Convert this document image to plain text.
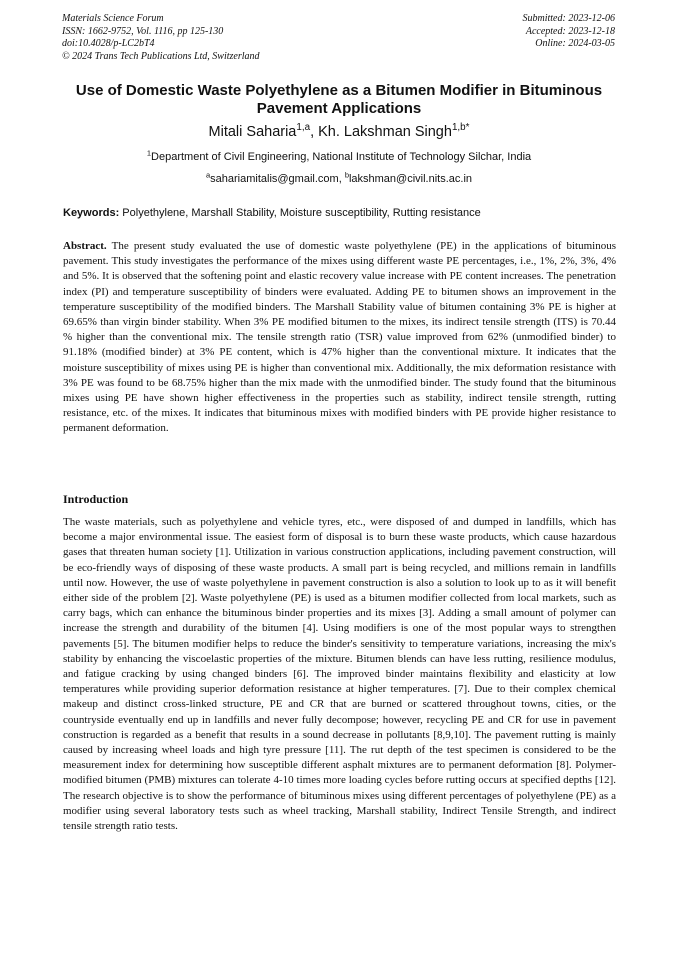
Materials Science Forum
ISSN: 1662-9752, Vol. 1116, pp 125-130
doi:10.4028/p-LC2bT4
© 2024 Trans Tech Publications Ltd, Switzerland
Submitted: 2023-12-06
Accepted: 2023-12-18
Online: 2024-03-05
Use of Domestic Waste Polyethylene as a Bitumen Modifier in Bituminous Pavement Applications
Mitali Saharia$^{1,a}$, Kh. Lakshman Singh$^{1,b*}$
$^1$Department of Civil Engineering, National Institute of Technology Silchar, India
$^a$sahariamitalis@gmail.com, $^b$lakshman@civil.nits.ac.in
Keywords: Polyethylene, Marshall Stability, Moisture susceptibility, Rutting resistance
Abstract. The present study evaluated the use of domestic waste polyethylene (PE) in the applications of bituminous pavement. This study investigates the performance of the mixes using different waste PE percentages, i.e., 1%, 2%, 3%, 4% and 5%. It is observed that the softening point and elastic recovery value increase with PE content increases. The penetration index (PI) and temperature susceptibility of binders were evaluated. Adding PE to bitumen shows an improvement in the temperature susceptibility of the modified binders. The Marshall Stability value of bitumen containing 3% PE is higher at 69.65% than virgin binder stability. When 3% PE modified bitumen to the mixes, its indirect tensile strength (ITS) is 70.44 % higher than the conventional mix. The tensile strength ratio (TSR) value improved from 62% (unmodified binder) to 91.18% (modified binder) at 3% PE content, which is 47% higher than the conventional mixture. It indicates that the moisture susceptibility of mixes using PE is higher than conventional mix. Additionally, the mix deformation resistance with 3% PE was found to be 68.75% higher than the mix made with the unmodified binder. The study found that the bituminous mixes using PE have shown higher effectiveness in the properties such as stability, indirect tensile strength, rutting resistance, etc. of the mixes. It indicates that bituminous mixes with modified binders with PE provide higher resistance to permanent deformation.
Introduction
The waste materials, such as polyethylene and vehicle tyres, etc., were disposed of and dumped in landfills, which has become a major environmental issue. The easiest form of disposal is to burn these waste products, which cause hazardous gases that threaten human society [1]. Utilization in various construction applications, including pavement construction, will be eco-friendly ways of disposing of these waste products. A small part is being recycled, and millions remain in landfills until now. However, the use of waste polyethylene in pavement construction is also a solution to look up to as it will benefit either side of the problem [2]. Waste polyethylene (PE) is used as a bitumen modifier collected from local markets, such as carry bags, which can enhance the bituminous binder properties and its mixes [3]. Adding a small amount of polymer can increase the strength and durability of the bitumen [4]. Using modifiers is one of the most popular ways to strengthen pavements [5]. The bitumen modifier helps to reduce the binder's sensitivity to temperature variations, increasing the mix's stability by enhancing the viscoelastic properties of the mixture. Bitumen blends can have less rutting, resilience modulus, and fatigue cracking by using changed binders [6]. The improved binder maintains flexibility and elasticity at low temperatures while providing superior deformation resistance at higher temperatures. [7]. Due to their complex chemical makeup and distinct cross-linked structure, PE and CR that are burned or scattered throughout towns, cities, or the countryside eventually end up in landfills and never fully decompose; however, recycling PE and CR for use in pavement construction is regarded as a benefit that results in a sound decrease in pollutants [8,9,10]. The pavement rutting is mainly caused by increasing wheel loads and high tyre pressure [11]. The rut depth of the test specimen is considered to be the measurement index for determining how susceptible different asphalt mixtures are to permanent deformation [8]. Polymer-modified bitumen (PMB) mixtures can tolerate 4-10 times more loading cycles before rutting occurs at specified depths [12]. The research objective is to show the performance of bituminous mixes using different percentages of polyethylene (PE) as a modifier using several laboratory tests such as wheel tracking, Marshall stability, Indirect Tensile Strength, and indirect tensile strength ratio tests.
